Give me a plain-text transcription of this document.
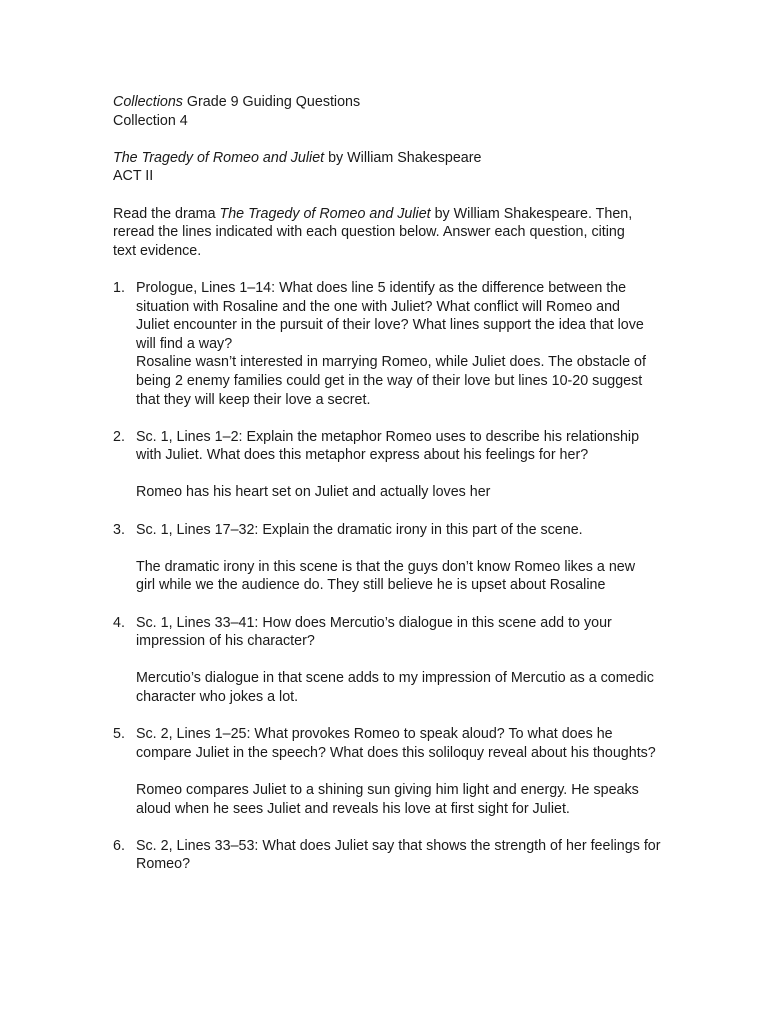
Collections Grade 9 Guiding Questions
Collection 4
The Tragedy of Romeo and Juliet by William Shakespeare
ACT II
Read the drama The Tragedy of Romeo and Juliet by William Shakespeare. Then,
reread the lines indicated with each question below. Answer each question, citing
text evidence.
1. Prologue, Lines 1–14: What does line 5 identify as the difference between the
situation with Rosaline and the one with Juliet? What conflict will Romeo and
Juliet encounter in the pursuit of their love? What lines support the idea that love
will find a way?
Rosaline wasn’t interested in marrying Romeo, while Juliet does. The obstacle of
being 2 enemy families could get in the way of their love but lines 10-20 suggest
that they will keep their love a secret.
2. Sc. 1, Lines 1–2: Explain the metaphor Romeo uses to describe his relationship
with Juliet. What does this metaphor express about his feelings for her?
Romeo has his heart set on Juliet and actually loves her
3. Sc. 1, Lines 17–32: Explain the dramatic irony in this part of the scene.
The dramatic irony in this scene is that the guys don’t know Romeo likes a new
girl while we the audience do. They still believe he is upset about Rosaline
4. Sc. 1, Lines 33–41: How does Mercutio’s dialogue in this scene add to your
impression of his character?
Mercutio’s dialogue in that scene adds to my impression of Mercutio as a comedic
character who jokes a lot.
5. Sc. 2, Lines 1–25: What provokes Romeo to speak aloud? To what does he
compare Juliet in the speech? What does this soliloquy reveal about his thoughts?
Romeo compares Juliet to a shining sun giving him light and energy. He speaks
aloud when he sees Juliet and reveals his love at first sight for Juliet.
6. Sc. 2, Lines 33–53: What does Juliet say that shows the strength of her feelings for
Romeo?
